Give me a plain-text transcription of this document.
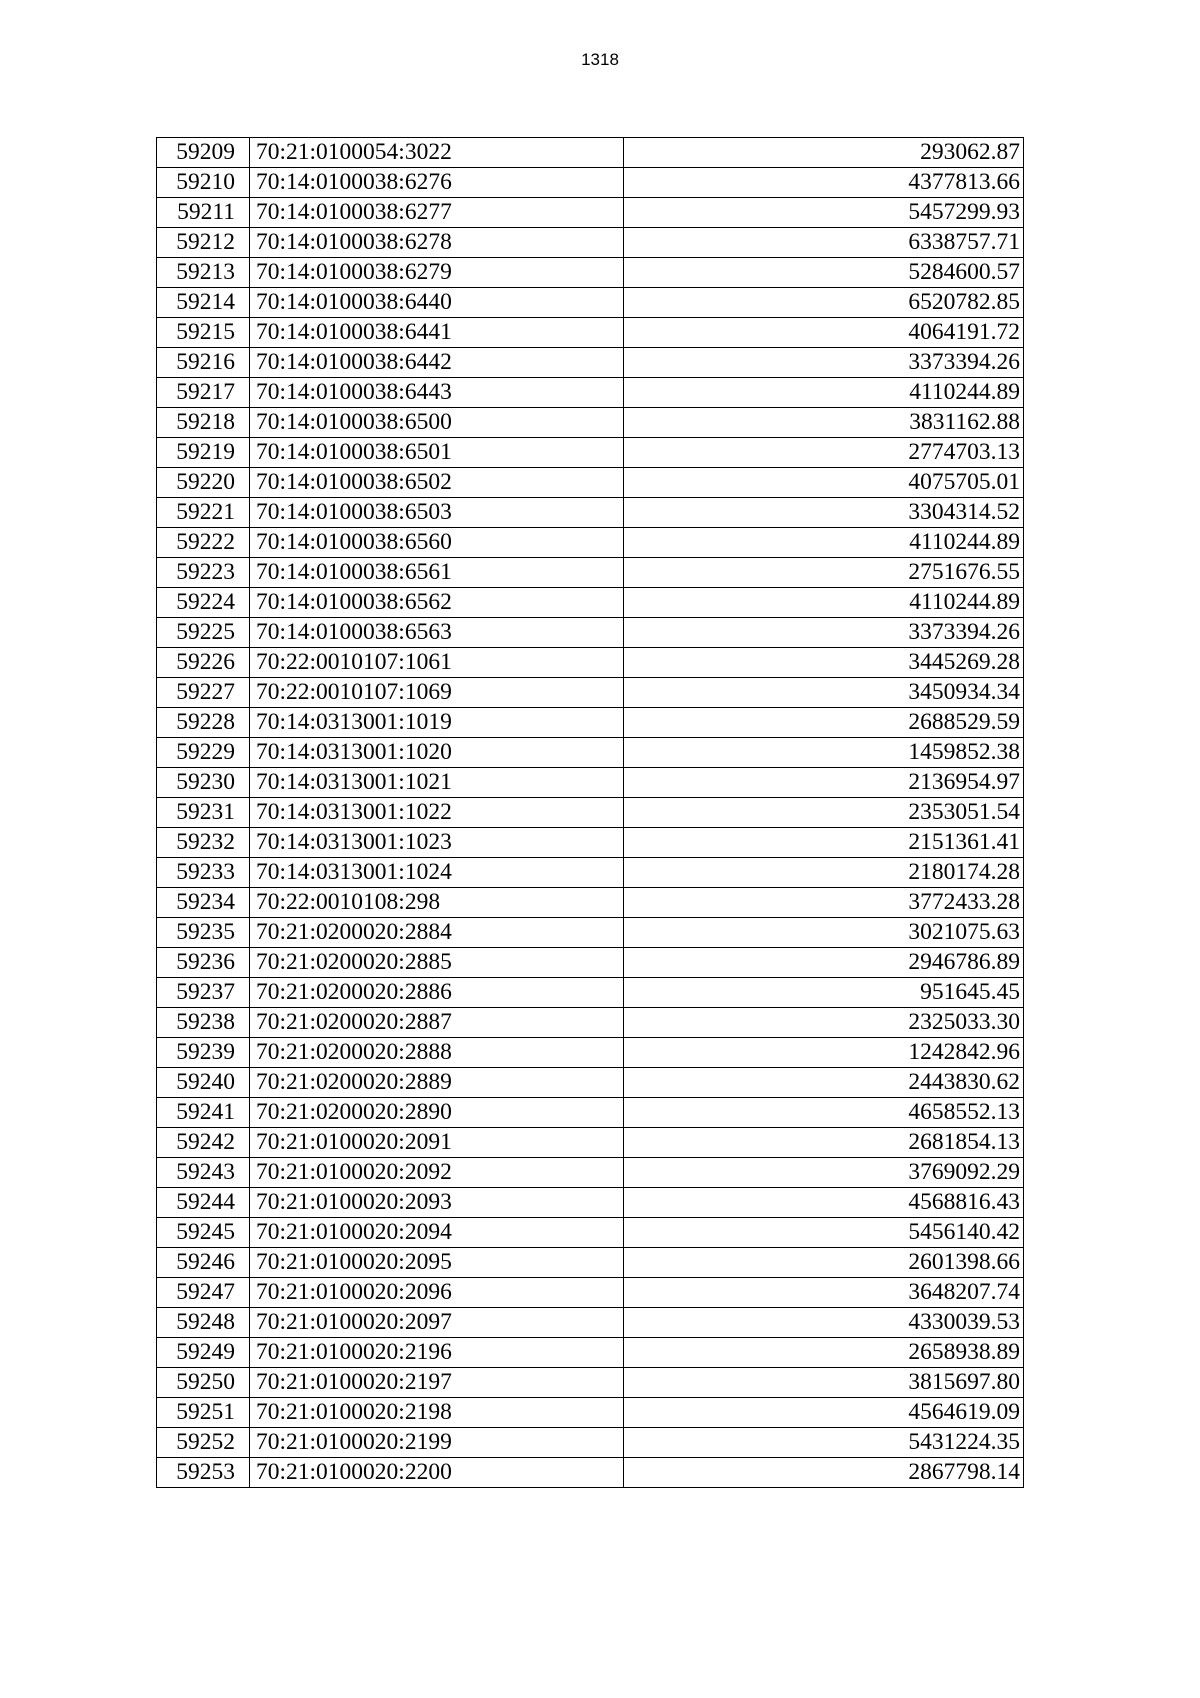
1318
59209	70:21:0100054:3022	293062.87
59210	70:14:0100038:6276	4377813.66
59211	70:14:0100038:6277	5457299.93
59212	70:14:0100038:6278	6338757.71
59213	70:14:0100038:6279	5284600.57
59214	70:14:0100038:6440	6520782.85
59215	70:14:0100038:6441	4064191.72
59216	70:14:0100038:6442	3373394.26
59217	70:14:0100038:6443	4110244.89
59218	70:14:0100038:6500	3831162.88
59219	70:14:0100038:6501	2774703.13
59220	70:14:0100038:6502	4075705.01
59221	70:14:0100038:6503	3304314.52
59222	70:14:0100038:6560	4110244.89
59223	70:14:0100038:6561	2751676.55
59224	70:14:0100038:6562	4110244.89
59225	70:14:0100038:6563	3373394.26
59226	70:22:0010107:1061	3445269.28
59227	70:22:0010107:1069	3450934.34
59228	70:14:0313001:1019	2688529.59
59229	70:14:0313001:1020	1459852.38
59230	70:14:0313001:1021	2136954.97
59231	70:14:0313001:1022	2353051.54
59232	70:14:0313001:1023	2151361.41
59233	70:14:0313001:1024	2180174.28
59234	70:22:0010108:298	3772433.28
59235	70:21:0200020:2884	3021075.63
59236	70:21:0200020:2885	2946786.89
59237	70:21:0200020:2886	951645.45
59238	70:21:0200020:2887	2325033.30
59239	70:21:0200020:2888	1242842.96
59240	70:21:0200020:2889	2443830.62
59241	70:21:0200020:2890	4658552.13
59242	70:21:0100020:2091	2681854.13
59243	70:21:0100020:2092	3769092.29
59244	70:21:0100020:2093	4568816.43
59245	70:21:0100020:2094	5456140.42
59246	70:21:0100020:2095	2601398.66
59247	70:21:0100020:2096	3648207.74
59248	70:21:0100020:2097	4330039.53
59249	70:21:0100020:2196	2658938.89
59250	70:21:0100020:2197	3815697.80
59251	70:21:0100020:2198	4564619.09
59252	70:21:0100020:2199	5431224.35
59253	70:21:0100020:2200	2867798.14
